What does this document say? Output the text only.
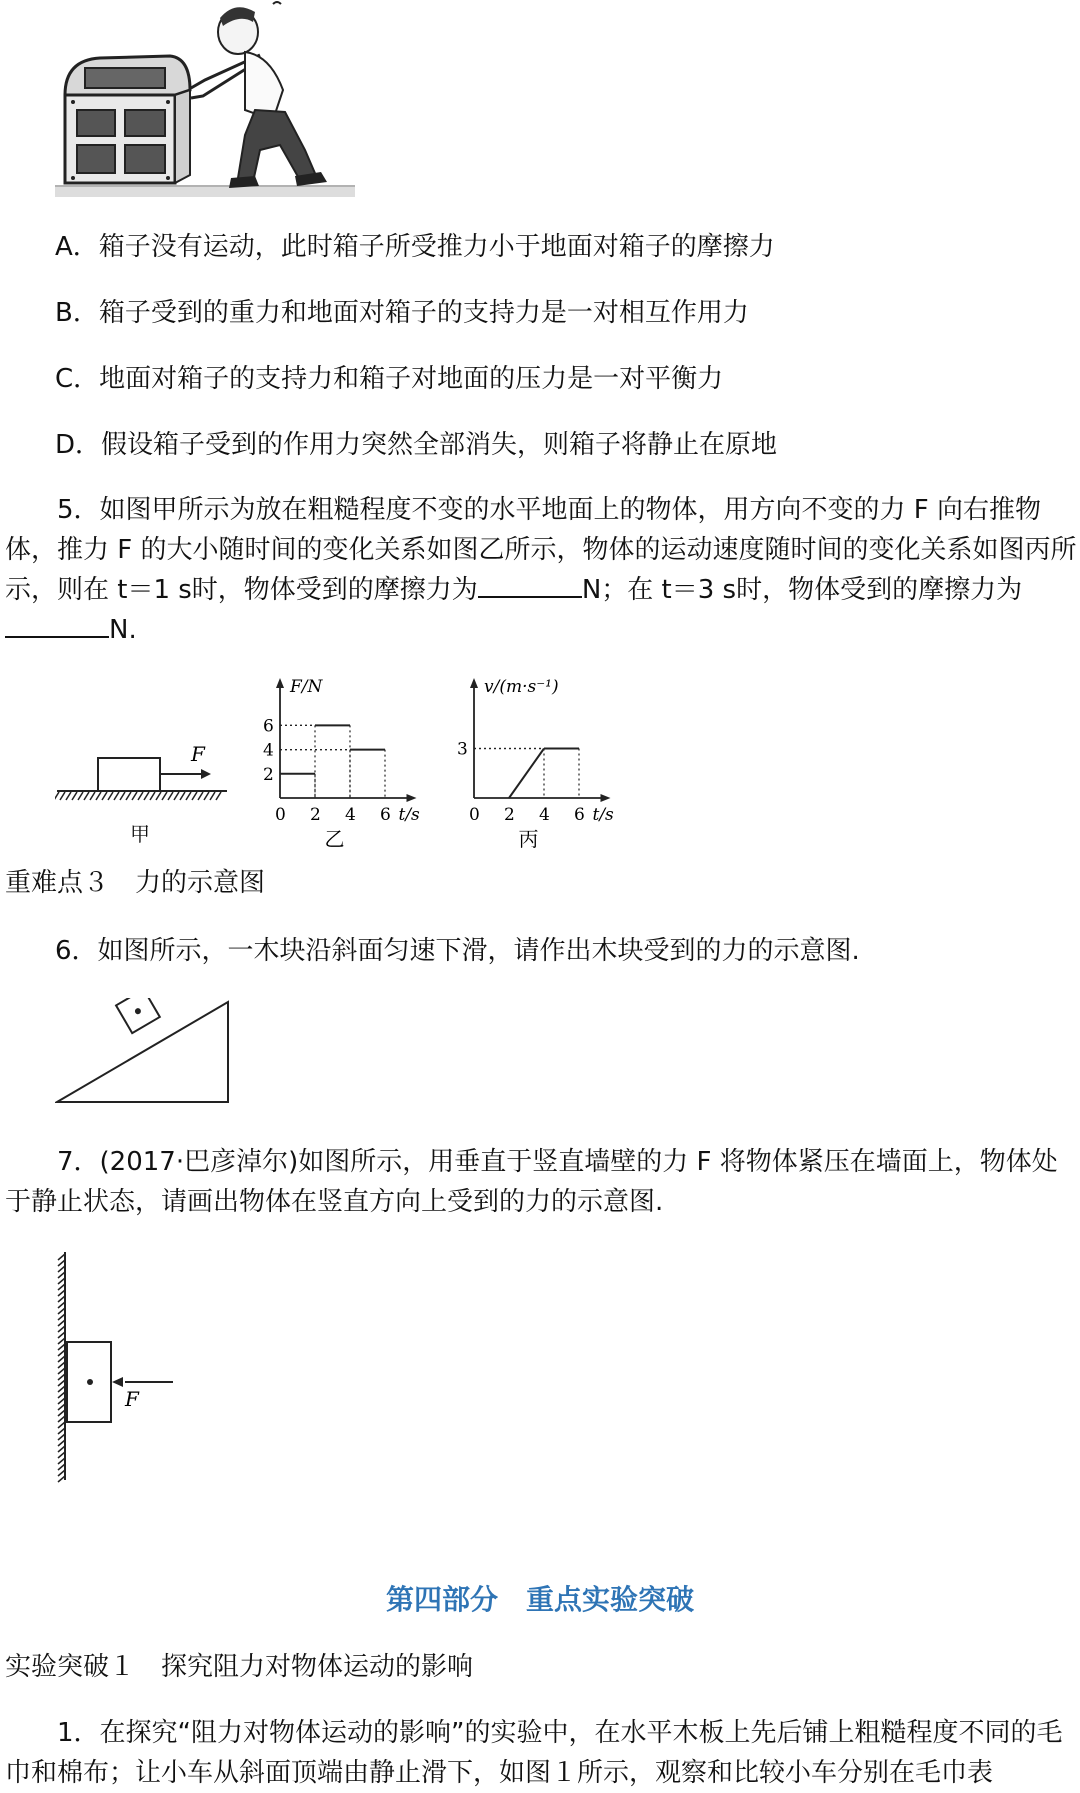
A．箱子没有运动，此时箱子所受推力小于地面对箱子的摩擦力
B．箱子受到的重力和地面对箱子的支持力是一对相互作用力
C．地面对箱子的支持力和箱子对地面的压力是一对平衡力
D．假设箱子受到的作用力突然全部消失，则箱子将静止在原地
5．如图甲所示为放在粗糙程度不变的水平地面上的物体，用方向不变的力 F 向右推物体，推力 F 的大小随时间的变化关系如图乙所示，物体的运动速度随时间的变化关系如图丙所示，则在 t＝1 s时，物体受到的摩擦力为	N；在 t＝3 s时，物体受到的摩擦力为N.
F
甲
F/N
t/s
0 2 4 6
2
4
6
乙
v/(m·s⁻¹)
t/s
0 2 4 6
3
丙
重难点３　力的示意图
6．如图所示，一木块沿斜面匀速下滑，请作出木块受到的力的示意图.
7．(2017·巴彦淖尔)如图所示，用垂直于竖直墙壁的力 F 将物体紧压在墙面上，物体处于静止状态，请画出物体在竖直方向上受到的力的示意图.
F
第四部分　重点实验突破
实验突破１　探究阻力对物体运动的影响
1．在探究“阻力对物体运动的影响”的实验中，在水平木板上先后铺上粗糙程度不同的毛巾和棉布；让小车从斜面顶端由静止滑下，如图１所示，观察和比较小车分别在毛巾表
